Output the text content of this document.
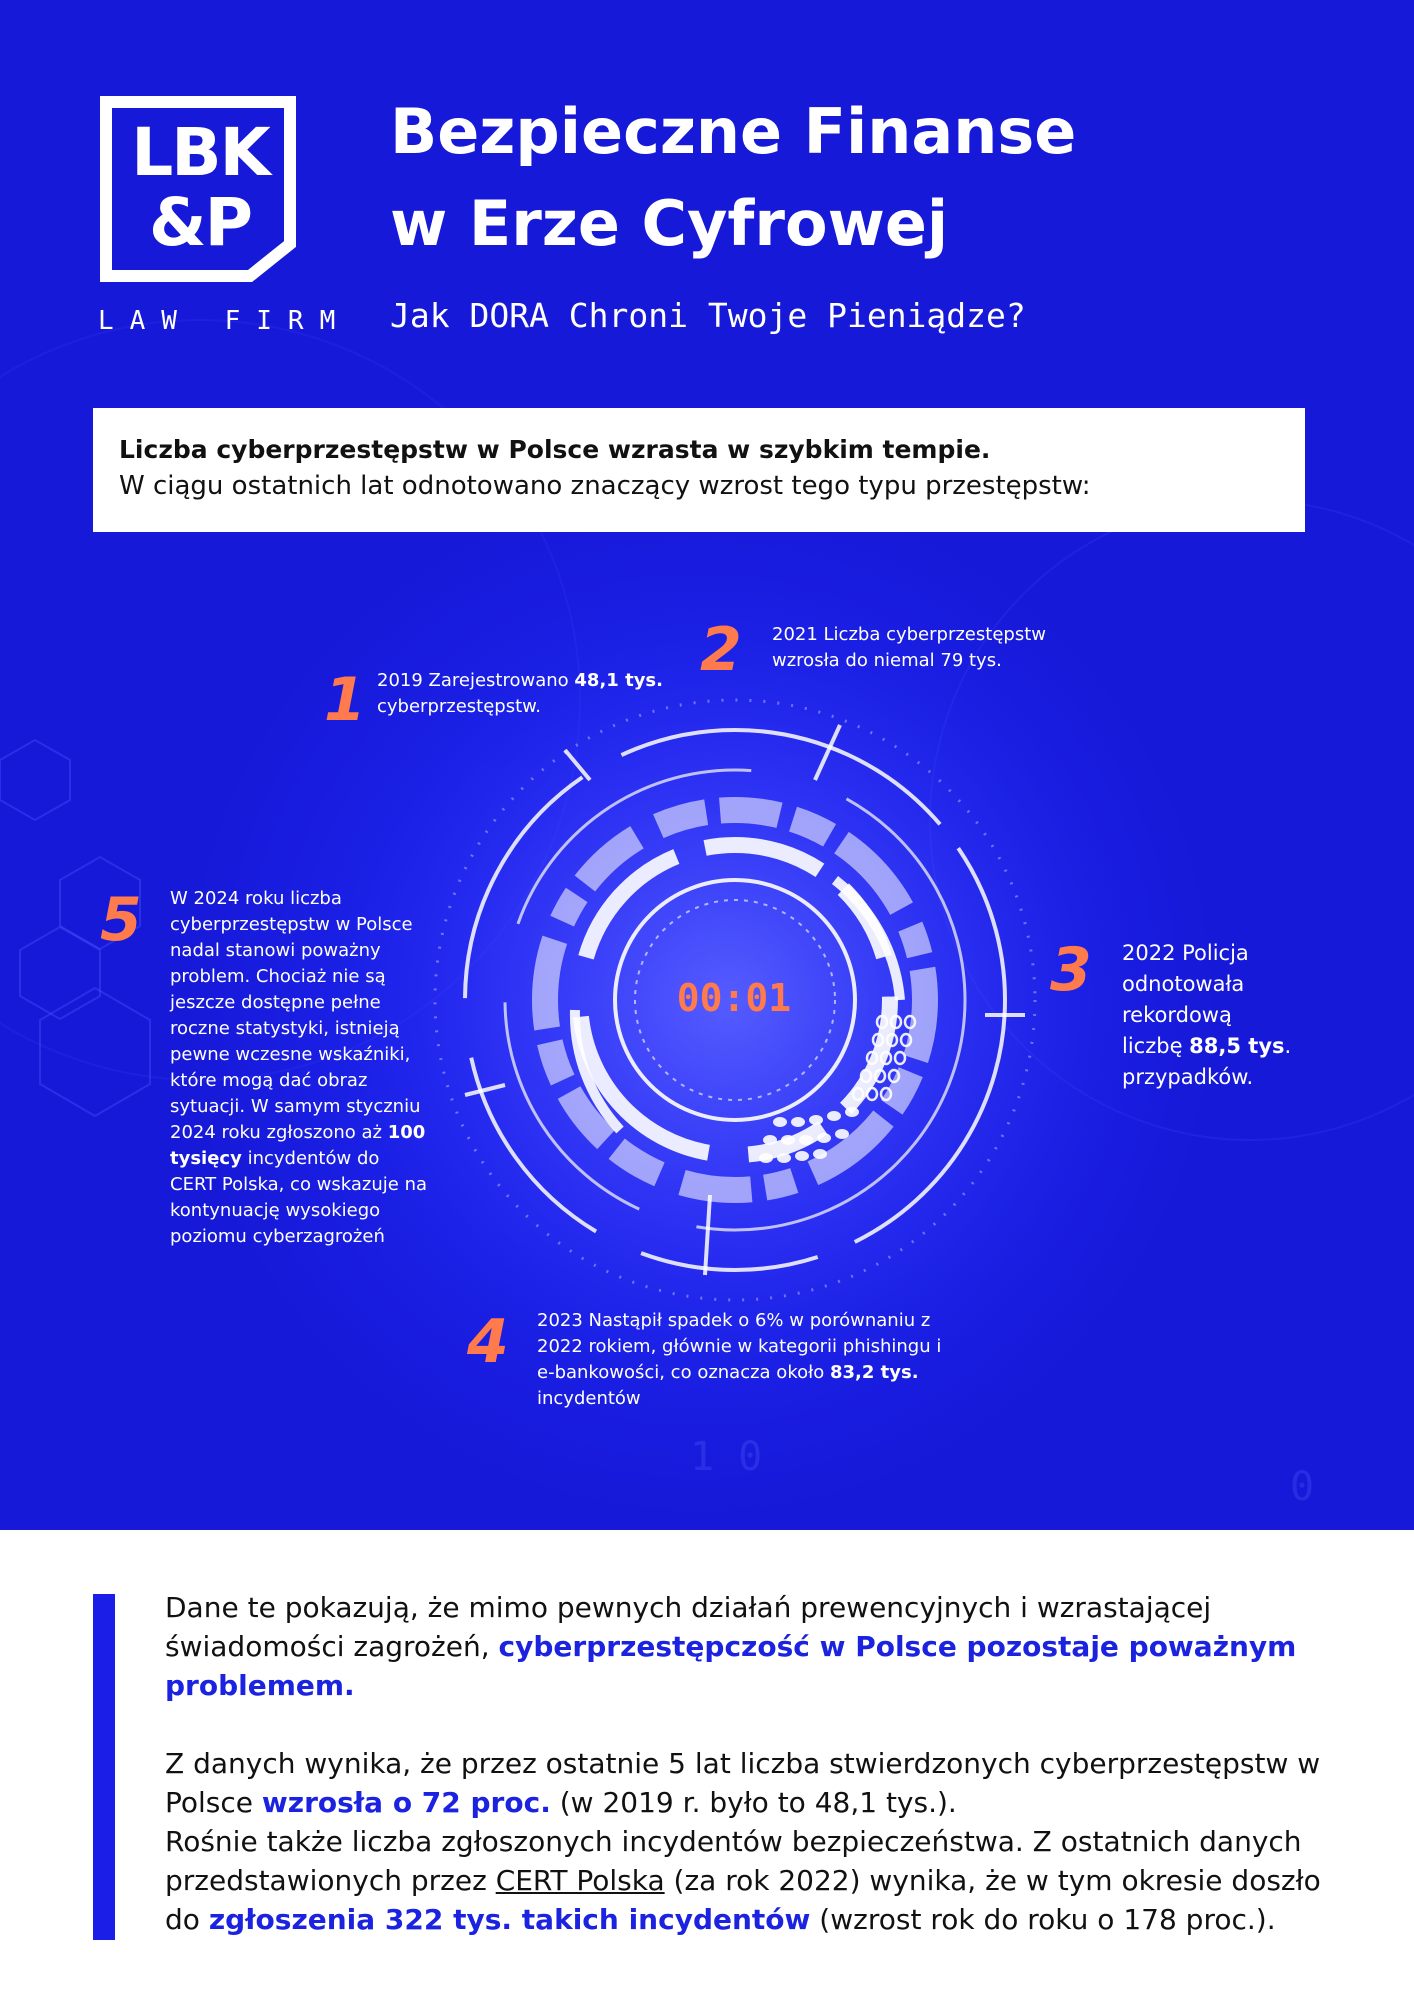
1 0
0
LBK
&P
LAW FIRM
Bezpieczne Finanse
w Erze Cyfrowej
Jak DORA Chroni Twoje Pieniądze?
Liczba cyberprzestępstw w Polsce wzrasta w szybkim tempie.
W ciągu ostatnich lat odnotowano znaczący wzrost tego typu przestępstw:
00:01
1 2019 Zarejestrowano 48,1 tys. cyberprzestępstw.
2 2021 Liczba cyberprzestępstw wzrosła do niemal 79 tys.
3 2022 Policja odnotowała rekordową liczbę 88,5 tys. przypadków.
4 2023 Nastąpił spadek o 6% w porównaniu z 2022 rokiem, głównie w kategorii phishingu i e-bankowości, co oznacza około 83,2 tys. incydentów
5 W 2024 roku liczba cyberprzestępstw w Polsce nadal stanowi poważny problem. Chociaż nie są jeszcze dostępne pełne roczne statystyki, istnieją pewne wczesne wskaźniki, które mogą dać obraz sytuacji. W samym styczniu 2024 roku zgłoszono aż 100 tysięcy incydentów do CERT Polska, co wskazuje na kontynuację wysokiego poziomu cyberzagrożeń

Dane te pokazują, że mimo pewnych działań prewencyjnych i wzrastającej świadomości zagrożeń, cyberprzestępczość w Polsce pozostaje poważnym problemem.

Z danych wynika, że przez ostatnie 5 lat liczba stwierdzonych cyberprzestępstw w Polsce wzrosła o 72 proc. (w 2019 r. było to 48,1 tys.).

Rośnie także liczba zgłoszonych incydentów bezpieczeństwa. Z ostatnich danych przedstawionych przez CERT Polska (za rok 2022) wynika, że w tym okresie doszło do zgłoszenia 322 tys. takich incydentów (wzrost rok do roku o 178 proc.).
